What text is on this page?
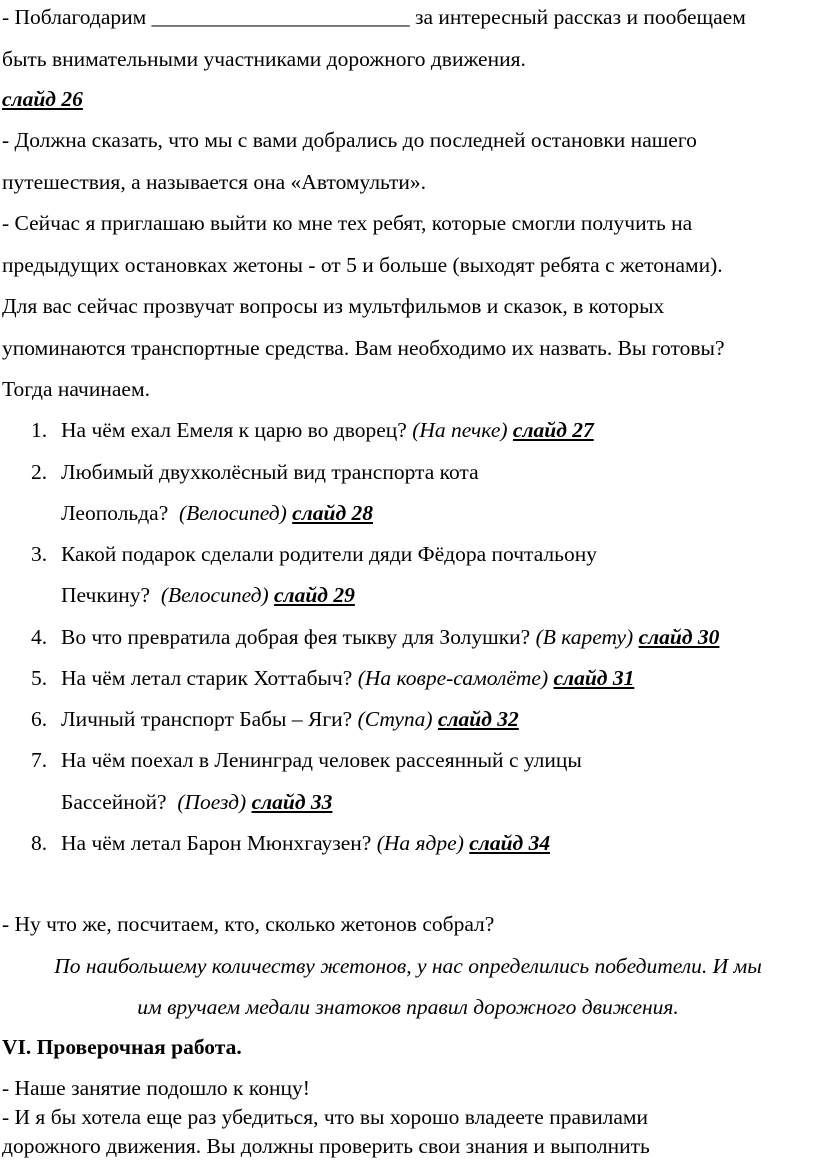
- Поблагодарим ________________________ за интересный рассказ и пообещаем
быть внимательными участниками дорожного движения.
слайд 26
- Должна сказать, что мы с вами добрались до последней остановки нашего
путешествия, а называется она «Автомульти».
- Сейчас я приглашаю выйти ко мне тех ребят, которые смогли получить на
предыдущих остановках жетоны - от 5 и больше (выходят ребята с жетонами).
Для вас сейчас прозвучат вопросы из мультфильмов и сказок, в которых
упоминаются транспортные средства. Вам необходимо их назвать. Вы готовы?
Тогда начинаем.
1. На чём ехал Емеля к царю во дворец? (На печке) слайд 27
2. Любимый двухколёсный вид транспорта кота
Леопольда?  (Велосипед) слайд 28
3. Какой подарок сделали родители дяди Фёдора почтальону
Печкину?  (Велосипед) слайд 29
4. Во что превратила добрая фея тыкву для Золушки? (В карету) слайд 30
5. На чём летал старик Хоттабыч? (На ковре-самолёте) слайд 31
6. Личный транспорт Бабы – Яги? (Ступа) слайд 32
7. На чём поехал в Ленинград человек рассеянный с улицы
Бассейной?  (Поезд) слайд 33
8. На чём летал Барон Мюнхгаузен? (На ядре) слайд 34
- Ну что же, посчитаем, кто, сколько жетонов собрал?
По наибольшему количеству жетонов, у нас определились победители. И мы
им вручаем медали знатоков правил дорожного движения.
VI. Проверочная работа.
- Наше занятие подошло к концу!
- И я бы хотела еще раз убедиться, что вы хорошо владеете правилами
дорожного движения. Вы должны проверить свои знания и выполнить
